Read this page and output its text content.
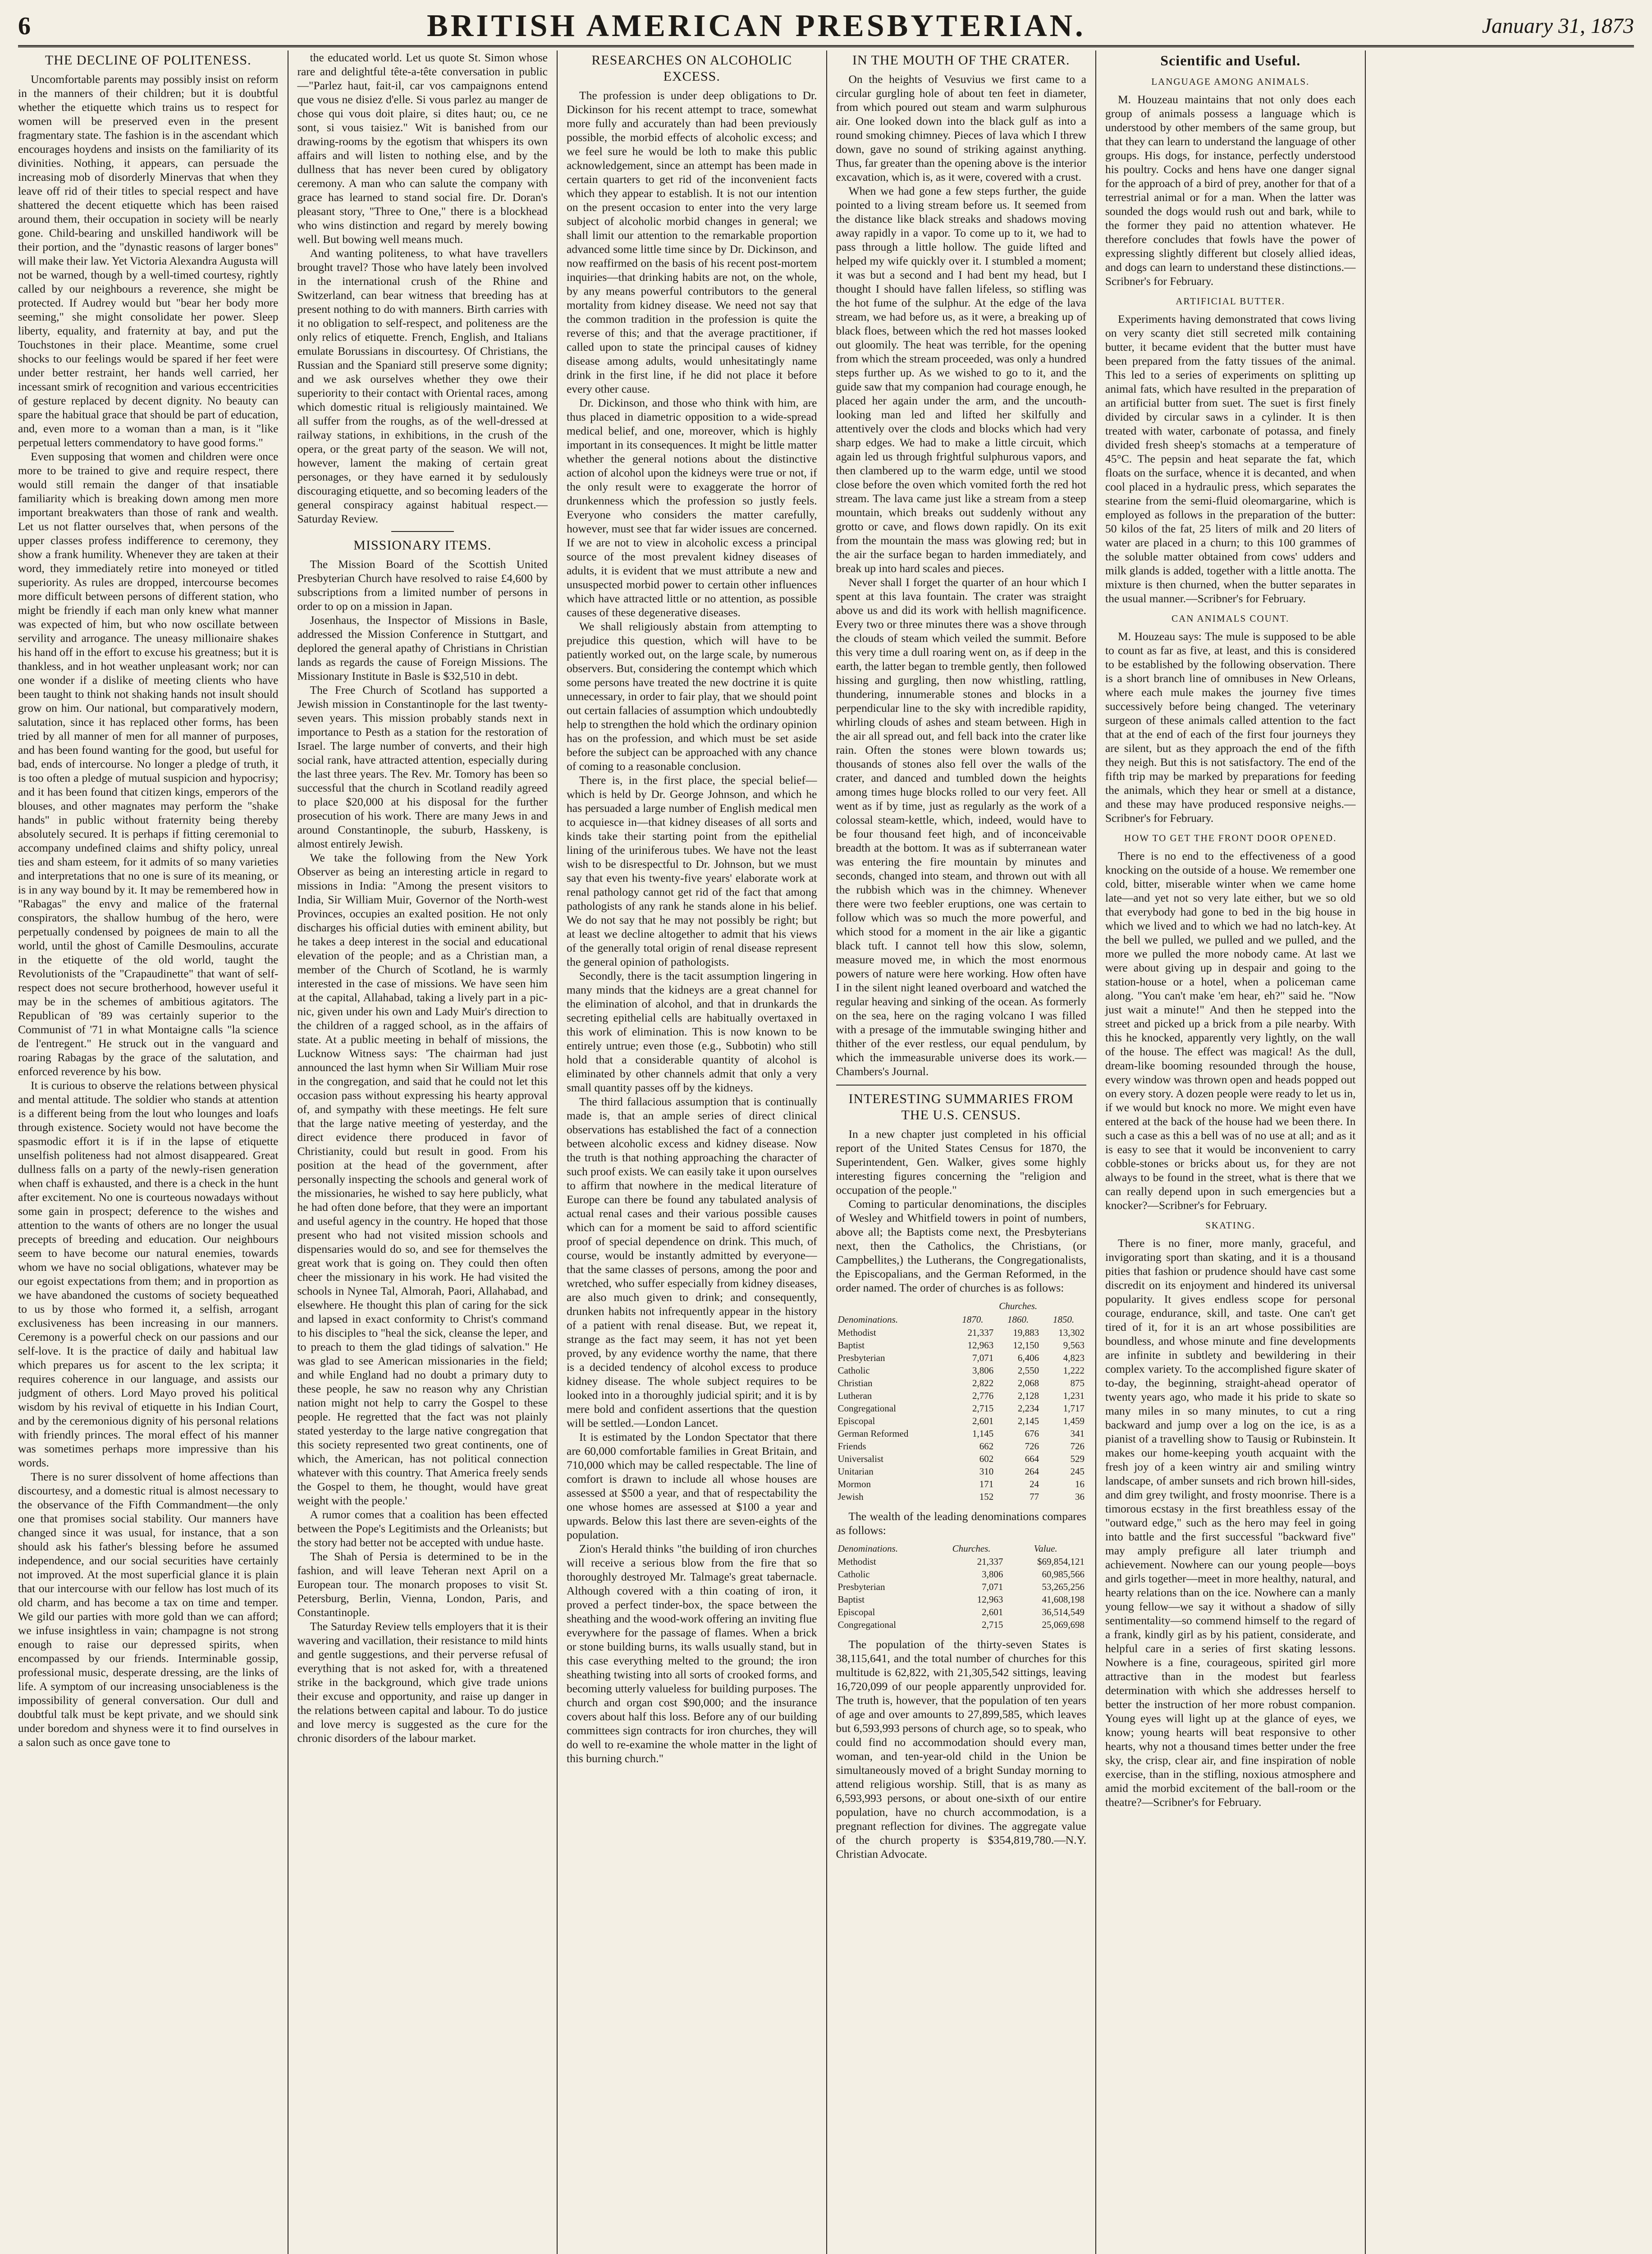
6	BRITISH AMERICAN PRESBYTERIAN.	January 31, 1873
THE DECLINE OF POLITENESS.

Uncomfortable parents may possibly insist on reform in the manners of their children; but it is doubtful whether the etiquette which trains us to respect for women will be preserved even in the present fragmentary state. The fashion is in the ascendant which encourages hoydens and insists on the familiarity of its divinities. Nothing, it appears, can persuade the increasing mob of disorderly Minervas that when they leave off rid of their titles to special respect and have shattered the decent etiquette which has been raised around them, their occupation in society will be nearly gone. Child-bearing and unskilled handiwork will be their portion, and the "dynastic reasons of larger bones" will make their law. Yet Victoria Alexandra Augusta will not be warned, though by a well-timed courtesy, rightly called by our neighbours a reverence, she might be protected. If Audrey would but "bear her body more seeming," she might consolidate her power. Sleep liberty, equality, and fraternity at bay, and put the Touchstones in their place. Meantime, some cruel shocks to our feelings would be spared if her feet were under better restraint, her hands well carried, her incessant smirk of recognition and various eccentricities of gesture replaced by decent dignity. No beauty can spare the habitual grace that should be part of education, and, even more to a woman than a man, is it "like perpetual letters commendatory to have good forms."

Even supposing that women and children were once more to be trained to give and require respect, there would still remain the danger of that insatiable familiarity which is breaking down among men more important breakwaters than those of rank and wealth. Let us not flatter ourselves that, when persons of the upper classes profess indifference to ceremony, they show a frank humility. Whenever they are taken at their word, they immediately retire into moneyed or titled superiority. As rules are dropped, intercourse becomes more difficult between persons of different station, who might be friendly if each man only knew what manner was expected of him, but who now oscillate between servility and arrogance. The uneasy millionaire shakes his hand off in the effort to excuse his greatness; but it is thankless, and in hot weather unpleasant work; nor can one wonder if a dislike of meeting clients who have been taught to think not shaking hands not insult should grow on him. Our national, but comparatively modern, salutation, since it has replaced other forms, has been tried by all manner of men for all manner of purposes, and has been found wanting for the good, but useful for bad, ends of intercourse. No longer a pledge of truth, it is too often a pledge of mutual suspicion and hypocrisy; and it has been found that citizen kings, emperors of the blouses, and other magnates may perform the "shake hands" in public without fraternity being thereby absolutely secured. It is perhaps if fitting ceremonial to accompany undefined claims and shifty policy, unreal ties and sham esteem, for it admits of so many varieties and interpretations that no one is sure of its meaning, or is in any way bound by it. It may be remembered how in "Rabagas" the envy and malice of the fraternal conspirators, the shallow humbug of the hero, were perpetually condensed by poignees de main to all the world, until the ghost of Camille Desmoulins, accurate in the etiquette of the old world, taught the Revolutionists of the "Crapaudinette" that want of self-respect does not secure brotherhood, however useful it may be in the schemes of ambitious agitators. The Republican of '89 was certainly superior to the Communist of '71 in what Montaigne calls "la science de l'entregent." He struck out in the vanguard and roaring Rabagas by the grace of the salutation, and enforced reverence by his bow.

It is curious to observe the relations between physical and mental attitude. The soldier who stands at attention is a different being from the lout who lounges and loafs through existence. Society would not have become the spasmodic effort it is if in the lapse of etiquette unselfish politeness had not almost disappeared. Great dullness falls on a party of the newly-risen generation when chaff is exhausted, and there is a check in the hunt after excitement. No one is courteous nowadays without some gain in prospect; deference to the wishes and attention to the wants of others are no longer the usual precepts of breeding and education. Our neighbours seem to have become our natural enemies, towards whom we have no social obligations, whatever may be our egoist expectations from them; and in proportion as we have abandoned the customs of society bequeathed to us by those who formed it, a selfish, arrogant exclusiveness has been increasing in our manners. Ceremony is a powerful check on our passions and our self-love. It is the practice of daily and habitual law which prepares us for ascent to the lex scripta; it requires coherence in our language, and assists our judgment of others. Lord Mayo proved his political wisdom by his revival of etiquette in his Indian Court, and by the ceremonious dignity of his personal relations with friendly princes. The moral effect of his manner was sometimes perhaps more impressive than his words.

There is no surer dissolvent of home affections than discourtesy, and a domestic ritual is almost necessary to the observance of the Fifth Commandment—the only one that promises social stability. Our manners have changed since it was usual, for instance, that a son should ask his father's blessing before he assumed independence, and our social securities have certainly not improved. At the most superficial glance it is plain that our intercourse with our fellow has lost much of its old charm, and has become a tax on time and temper. We gild our parties with more gold than we can afford; we infuse insightless in vain; champagne is not strong enough to raise our depressed spirits, when encompassed by our friends. Interminable gossip, professional music, desperate dressing, are the links of life. A symptom of our increasing unsociableness is the impossibility of general conversation. Our dull and doubtful talk must be kept private, and we should sink under boredom and shyness were it to find ourselves in a salon such as once gave tone to

the educated world. Let us quote St. Simon whose rare and delightful tête-a-tête conversation in public—"Parlez haut, fait-il, car vos campaignons entend que vous ne disiez d'elle. Si vous parlez au manger de chose qui vous doit plaire, si dites haut; ou, ce ne sont, si vous taisiez." Wit is banished from our drawing-rooms by the egotism that whispers its own affairs and will listen to nothing else, and by the dullness that has never been cured by obligatory ceremony. A man who can salute the company with grace has learned to stand social fire. Dr. Doran's pleasant story, "Three to One," there is a blockhead who wins distinction and regard by merely bowing well. But bowing well means much.

And wanting politeness, to what have travellers brought travel? Those who have lately been involved in the international crush of the Rhine and Switzerland, can bear witness that breeding has at present nothing to do with manners. Birth carries with it no obligation to self-respect, and politeness are the only relics of etiquette. French, English, and Italians emulate Borussians in discourtesy. Of Christians, the Russian and the Spaniard still preserve some dignity; and we ask ourselves whether they owe their superiority to their contact with Oriental races, among which domestic ritual is religiously maintained. We all suffer from the roughs, as of the well-dressed at railway stations, in exhibitions, in the crush of the opera, or the great party of the season. We will not, however, lament the making of certain great personages, or they have earned it by sedulously discouraging etiquette, and so becoming leaders of the general conspiracy against habitual respect.—Saturday Review.

MISSIONARY ITEMS.

The Mission Board of the Scottish United Presbyterian Church have resolved to raise £4,600 by subscriptions from a limited number of persons in order to op on a mission in Japan.

Josenhaus, the Inspector of Missions in Basle, addressed the Mission Conference in Stuttgart, and deplored the general apathy of Christians in Christian lands as regards the cause of Foreign Missions. The Missionary Institute in Basle is $32,510 in debt.

The Free Church of Scotland has supported a Jewish mission in Constantinople for the last twenty-seven years. This mission probably stands next in importance to Pesth as a station for the restoration of Israel. The large number of converts, and their high social rank, have attracted attention, especially during the last three years. The Rev. Mr. Tomory has been so successful that the church in Scotland readily agreed to place $20,000 at his disposal for the further prosecution of his work. There are many Jews in and around Constantinople, the suburb, Hasskeny, is almost entirely Jewish.

We take the following from the New York Observer as being an interesting article in regard to missions in India: "Among the present visitors to India, Sir William Muir, Governor of the North-west Provinces, occupies an exalted position. He not only discharges his official duties with eminent ability, but he takes a deep interest in the social and educational elevation of the people; and as a Christian man, a member of the Church of Scotland, he is warmly interested in the case of missions. We have seen him at the capital, Allahabad, taking a lively part in a pic-nic, given under his own and Lady Muir's direction to the children of a ragged school, as in the affairs of state. At a public meeting in behalf of missions, the Lucknow Witness says: 'The chairman had just announced the last hymn when Sir William Muir rose in the congregation, and said that he could not let this occasion pass without expressing his hearty approval of, and sympathy with these meetings. He felt sure that the large native meeting of yesterday, and the direct evidence there produced in favor of Christianity, could but result in good. From his position at the head of the government, after personally inspecting the schools and general work of the missionaries, he wished to say here publicly, what he had often done before, that they were an important and useful agency in the country. He hoped that those present who had not visited mission schools and dispensaries would do so, and see for themselves the great work that is going on. They could then often cheer the missionary in his work. He had visited the schools in Nynee Tal, Almorah, Paori, Allahabad, and elsewhere. He thought this plan of caring for the sick and lapsed in exact conformity to Christ's command to his disciples to "heal the sick, cleanse the leper, and to preach to them the glad tidings of salvation." He was glad to see American missionaries in the field; and while England had no doubt a primary duty to these people, he saw no reason why any Christian nation might not help to carry the Gospel to these people. He regretted that the fact was not plainly stated yesterday to the large native congregation that this society represented two great continents, one of which, the American, has not political connection whatever with this country. That America freely sends the Gospel to them, he thought, would have great weight with the people.'

A rumor comes that a coalition has been effected between the Pope's Legitimists and the Orleanists; but the story had better not be accepted with undue haste.

The Shah of Persia is determined to be in the fashion, and will leave Teheran next April on a European tour. The monarch proposes to visit St. Petersburg, Berlin, Vienna, London, Paris, and Constantinople.

The Saturday Review tells employers that it is their wavering and vacillation, their resistance to mild hints and gentle suggestions, and their perverse refusal of everything that is not asked for, with a threatened strike in the background, which give trade unions their excuse and opportunity, and raise up danger in the relations between capital and labour. To do justice and love mercy is suggested as the cure for the chronic disorders of the labour market.

RESEARCHES ON ALCOHOLIC EXCESS.

The profession is under deep obligations to Dr. Dickinson for his recent attempt to trace, somewhat more fully and accurately than had been previously possible, the morbid effects of alcoholic excess; and we feel sure he would be loth to make this public acknowledgement, since an attempt has been made in certain quarters to get rid of the inconvenient facts which they appear to establish. It is not our intention on the present occasion to enter into the very large subject of alcoholic morbid changes in general; we shall limit our attention to the remarkable proportion advanced some little time since by Dr. Dickinson, and now reaffirmed on the basis of his recent post-mortem inquiries—that drinking habits are not, on the whole, by any means powerful contributors to the general mortality from kidney disease. We need not say that the common tradition in the profession is quite the reverse of this; and that the average practitioner, if called upon to state the principal causes of kidney disease among adults, would unhesitatingly name drink in the first line, if he did not place it before every other cause.

Dr. Dickinson, and those who think with him, are thus placed in diametric opposition to a wide-spread medical belief, and one, moreover, which is highly important in its consequences. It might be little matter whether the general notions about the distinctive action of alcohol upon the kidneys were true or not, if the only result were to exaggerate the horror of drunkenness which the profession so justly feels. Everyone who considers the matter carefully, however, must see that far wider issues are concerned. If we are not to view in alcoholic excess a principal source of the most prevalent kidney diseases of adults, it is evident that we must attribute a new and unsuspected morbid power to certain other influences which have attracted little or no attention, as possible causes of these degenerative diseases.

We shall religiously abstain from attempting to prejudice this question, which will have to be patiently worked out, on the large scale, by numerous observers. But, considering the contempt which which some persons have treated the new doctrine it is quite unnecessary, in order to fair play, that we should point out certain fallacies of assumption which undoubtedly help to strengthen the hold which the ordinary opinion has on the profession, and which must be set aside before the subject can be approached with any chance of coming to a reasonable conclusion.

There is, in the first place, the special belief—which is held by Dr. George Johnson, and which he has persuaded a large number of English medical men to acquiesce in—that kidney diseases of all sorts and kinds take their starting point from the epithelial lining of the uriniferous tubes. We have not the least wish to be disrespectful to Dr. Johnson, but we must say that even his twenty-five years' elaborate work at renal pathology cannot get rid of the fact that among pathologists of any rank he stands alone in his belief. We do not say that he may not possibly be right; but at least we decline altogether to admit that his views of the generally total origin of renal disease represent the general opinion of pathologists.

Secondly, there is the tacit assumption lingering in many minds that the kidneys are a great channel for the elimination of alcohol, and that in drunkards the secreting epithelial cells are habitually overtaxed in this work of elimination. This is now known to be entirely untrue; even those (e.g., Subbotin) who still hold that a considerable quantity of alcohol is eliminated by other channels admit that only a very small quantity passes off by the kidneys.

The third fallacious assumption that is continually made is, that an ample series of direct clinical observations has established the fact of a connection between alcoholic excess and kidney disease. Now the truth is that nothing approaching the character of such proof exists. We can easily take it upon ourselves to affirm that nowhere in the medical literature of Europe can there be found any tabulated analysis of actual renal cases and their various possible causes which can for a moment be said to afford scientific proof of special dependence on drink. This much, of course, would be instantly admitted by everyone—that the same classes of persons, among the poor and wretched, who suffer especially from kidney diseases, are also much given to drink; and consequently, drunken habits not infrequently appear in the history of a patient with renal disease. But, we repeat it, strange as the fact may seem, it has not yet been proved, by any evidence worthy the name, that there is a decided tendency of alcohol excess to produce kidney disease. The whole subject requires to be looked into in a thoroughly judicial spirit; and it is by mere bold and confident assertions that the question will be settled.—London Lancet.

It is estimated by the London Spectator that there are 60,000 comfortable families in Great Britain, and 710,000 which may be called respectable. The line of comfort is drawn to include all whose houses are assessed at $500 a year, and that of respectability the one whose homes are assessed at $100 a year and upwards. Below this last there are seven-eights of the population.

Zion's Herald thinks "the building of iron churches will receive a serious blow from the fire that so thoroughly destroyed Mr. Talmage's great tabernacle. Although covered with a thin coating of iron, it proved a perfect tinder-box, the space between the sheathing and the wood-work offering an inviting flue everywhere for the passage of flames. When a brick or stone building burns, its walls usually stand, but in this case everything melted to the ground; the iron sheathing twisting into all sorts of crooked forms, and becoming utterly valueless for building purposes. The church and organ cost $90,000; and the insurance covers about half this loss. Before any of our building committees sign contracts for iron churches, they will do well to re-examine the whole matter in the light of this burning church."

IN THE MOUTH OF THE CRATER.

On the heights of Vesuvius we first came to a circular gurgling hole of about ten feet in diameter, from which poured out steam and warm sulphurous air. One looked down into the black gulf as into a round smoking chimney. Pieces of lava which I threw down, gave no sound of striking against anything. Thus, far greater than the opening above is the interior excavation, which is, as it were, covered with a crust.

When we had gone a few steps further, the guide pointed to a living stream before us. It seemed from the distance like black streaks and shadows moving away rapidly in a vapor. To come up to it, we had to pass through a little hollow. The guide lifted and helped my wife quickly over it. I stumbled a moment; it was but a second and I had bent my head, but I thought I should have fallen lifeless, so stifling was the hot fume of the sulphur. At the edge of the lava stream, we had before us, as it were, a breaking up of black floes, between which the red hot masses looked out gloomily. The heat was terrible, for the opening from which the stream proceeded, was only a hundred steps further up. As we wished to go to it, and the guide saw that my companion had courage enough, he placed her again under the arm, and the uncouth-looking man led and lifted her skilfully and attentively over the clods and blocks which had very sharp edges. We had to make a little circuit, which again led us through frightful sulphurous vapors, and then clambered up to the warm edge, until we stood close before the oven which vomited forth the red hot stream. The lava came just like a stream from a steep mountain, which breaks out suddenly without any grotto or cave, and flows down rapidly. On its exit from the mountain the mass was glowing red; but in the air the surface began to harden immediately, and break up into hard scales and pieces.

Never shall I forget the quarter of an hour which I spent at this lava fountain. The crater was straight above us and did its work with hellish magnificence. Every two or three minutes there was a shove through the clouds of steam which veiled the summit. Before this very time a dull roaring went on, as if deep in the earth, the latter began to tremble gently, then followed hissing and gurgling, then now whistling, rattling, thundering, innumerable stones and blocks in a perpendicular line to the sky with incredible rapidity, whirling clouds of ashes and steam between. High in the air all spread out, and fell back into the crater like rain. Often the stones were blown towards us; thousands of stones also fell over the walls of the crater, and danced and tumbled down the heights among times huge blocks rolled to our very feet. All went as if by time, just as regularly as the work of a colossal steam-kettle, which, indeed, would have to be four thousand feet high, and of inconceivable breadth at the bottom. It was as if subterranean water was entering the fire mountain by minutes and seconds, changed into steam, and thrown out with all the rubbish which was in the chimney. Whenever there were two feebler eruptions, one was certain to follow which was so much the more powerful, and which stood for a moment in the air like a gigantic black tuft. I cannot tell how this slow, solemn, measure moved me, in which the most enormous powers of nature were here working. How often have I in the silent night leaned overboard and watched the regular heaving and sinking of the ocean. As formerly on the sea, here on the raging volcano I was filled with a presage of the immutable swinging hither and thither of the ever restless, our equal pendulum, by which the immeasurable universe does its work.—Chambers's Journal.

INTERESTING SUMMARIES FROM THE U.S. CENSUS.

In a new chapter just completed in his official report of the United States Census for 1870, the Superintendent, Gen. Walker, gives some highly interesting figures concerning the "religion and occupation of the people."

Coming to particular denominations, the disciples of Wesley and Whitfield towers in point of numbers, above all; the Baptists come next, the Presbyterians next, then the Catholics, the Christians, (or Campbellites,) the Lutherans, the Congregationalists, the Episcopalians, and the German Reformed, in the order named. The order of churches is as follows:

	Churches.		
Denominations.	1870.	1860.	1850.
Methodist	21,337	19,883	13,302
Baptist	12,963	12,150	9,563
Presbyterian	7,071	6,406	4,823
Catholic	3,806	2,550	1,222
Christian	2,822	2,068	875
Lutheran	2,776	2,128	1,231
Congregational	2,715	2,234	1,717
Episcopal	2,601	2,145	1,459
German Reformed	1,145	676	341
Friends	662	726	726
Universalist	602	664	529
Unitarian	310	264	245
Mormon	171	24	16
Jewish	152	77	36

The wealth of the leading denominations compares as follows:

Denominations.	Churches.	Value.
Methodist	21,337	$69,854,121
Catholic	3,806	60,985,566
Presbyterian	7,071	53,265,256
Baptist	12,963	41,608,198
Episcopal	2,601	36,514,549
Congregational	2,715	25,069,698

The population of the thirty-seven States is 38,115,641, and the total number of churches for this multitude is 62,822, with 21,305,542 sittings, leaving 16,720,099 of our people apparently unprovided for. The truth is, however, that the population of ten years of age and over amounts to 27,899,585, which leaves but 6,593,993 persons of church age, so to speak, who could find no accommodation should every man, woman, and ten-year-old child in the Union be simultaneously moved of a bright Sunday morning to attend religious worship. Still, that is as many as 6,593,993 persons, or about one-sixth of our entire population, have no church accommodation, is a pregnant reflection for divines. The aggregate value of the church property is $354,819,780.—N.Y. Christian Advocate.

Scientific and Useful.
LANGUAGE AMONG ANIMALS.

M. Houzeau maintains that not only does each group of animals possess a language which is understood by other members of the same group, but that they can learn to understand the language of other groups. His dogs, for instance, perfectly understood his poultry. Cocks and hens have one danger signal for the approach of a bird of prey, another for that of a terrestrial animal or for a man. When the latter was sounded the dogs would rush out and bark, while to the former they paid no attention whatever. He therefore concludes that fowls have the power of expressing slightly different but closely allied ideas, and dogs can learn to understand these distinctions.—Scribner's for February.

ARTIFICIAL BUTTER.

Experiments having demonstrated that cows living on very scanty diet still secreted milk containing butter, it became evident that the butter must have been prepared from the fatty tissues of the animal. This led to a series of experiments on splitting up animal fats, which have resulted in the preparation of an artificial butter from suet. The suet is first finely divided by circular saws in a cylinder. It is then treated with water, carbonate of potassa, and finely divided fresh sheep's stomachs at a temperature of 45°C. The pepsin and heat separate the fat, which floats on the surface, whence it is decanted, and when cool placed in a hydraulic press, which separates the stearine from the semi-fluid oleomargarine, which is employed as follows in the preparation of the butter: 50 kilos of the fat, 25 liters of milk and 20 liters of water are placed in a churn; to this 100 grammes of the soluble matter obtained from cows' udders and milk glands is added, together with a little anotta. The mixture is then churned, when the butter separates in the usual manner.—Scribner's for February.

CAN ANIMALS COUNT.

M. Houzeau says: The mule is supposed to be able to count as far as five, at least, and this is considered to be established by the following observation. There is a short branch line of omnibuses in New Orleans, where each mule makes the journey five times successively before being changed. The veterinary surgeon of these animals called attention to the fact that at the end of each of the first four journeys they are silent, but as they approach the end of the fifth they neigh. But this is not satisfactory. The end of the fifth trip may be marked by preparations for feeding the animals, which they hear or smell at a distance, and these may have produced responsive neighs.—Scribner's for February.

HOW TO GET THE FRONT DOOR OPENED.

There is no end to the effectiveness of a good knocking on the outside of a house. We remember one cold, bitter, miserable winter when we came home late—and yet not so very late either, but we so old that everybody had gone to bed in the big house in which we lived and to which we had no latch-key. At the bell we pulled, we pulled and we pulled, and the more we pulled the more nobody came. At last we were about giving up in despair and going to the station-house or a hotel, when a policeman came along. "You can't make 'em hear, eh?" said he. "Now just wait a minute!" And then he stepped into the street and picked up a brick from a pile nearby. With this he knocked, apparently very lightly, on the wall of the house. The effect was magical! As the dull, dream-like booming resounded through the house, every window was thrown open and heads popped out on every story. A dozen people were ready to let us in, if we would but knock no more. We might even have entered at the back of the house had we been there. In such a case as this a bell was of no use at all; and as it is easy to see that it would be inconvenient to carry cobble-stones or bricks about us, for they are not always to be found in the street, what is there that we can really depend upon in such emergencies but a knocker?—Scribner's for February.

SKATING.

There is no finer, more manly, graceful, and invigorating sport than skating, and it is a thousand pities that fashion or prudence should have cast some discredit on its enjoyment and hindered its universal popularity. It gives endless scope for personal courage, endurance, skill, and taste. One can't get tired of it, for it is an art whose possibilities are boundless, and whose minute and fine developments are infinite in subtlety and bewildering in their complex variety. To the accomplished figure skater of to-day, the beginning, straight-ahead operator of twenty years ago, who made it his pride to skate so many miles in so many minutes, to cut a ring backward and jump over a log on the ice, is as a pianist of a travelling show to Tausig or Rubinstein. It makes our home-keeping youth acquaint with the fresh joy of a keen wintry air and smiling wintry landscape, of amber sunsets and rich brown hill-sides, and dim grey twilight, and frosty moonrise. There is a timorous ecstasy in the first breathless essay of the "outward edge," such as the hero may feel in going into battle and the first successful "backward five" may amply prefigure all later triumph and achievement. Nowhere can our young people—boys and girls together—meet in more healthy, natural, and hearty relations than on the ice. Nowhere can a manly young fellow—we say it without a shadow of silly sentimentality—so commend himself to the regard of a frank, kindly girl as by his patient, considerate, and helpful care in a series of first skating lessons. Nowhere is a fine, courageous, spirited girl more attractive than in the modest but fearless determination with which she addresses herself to better the instruction of her more robust companion. Young eyes will light up at the glance of eyes, we know; young hearts will beat responsive to other hearts, why not a thousand times better under the free sky, the crisp, clear air, and fine inspiration of noble exercise, than in the stifling, noxious atmosphere and amid the morbid excitement of the ball-room or the theatre?—Scribner's for February.
